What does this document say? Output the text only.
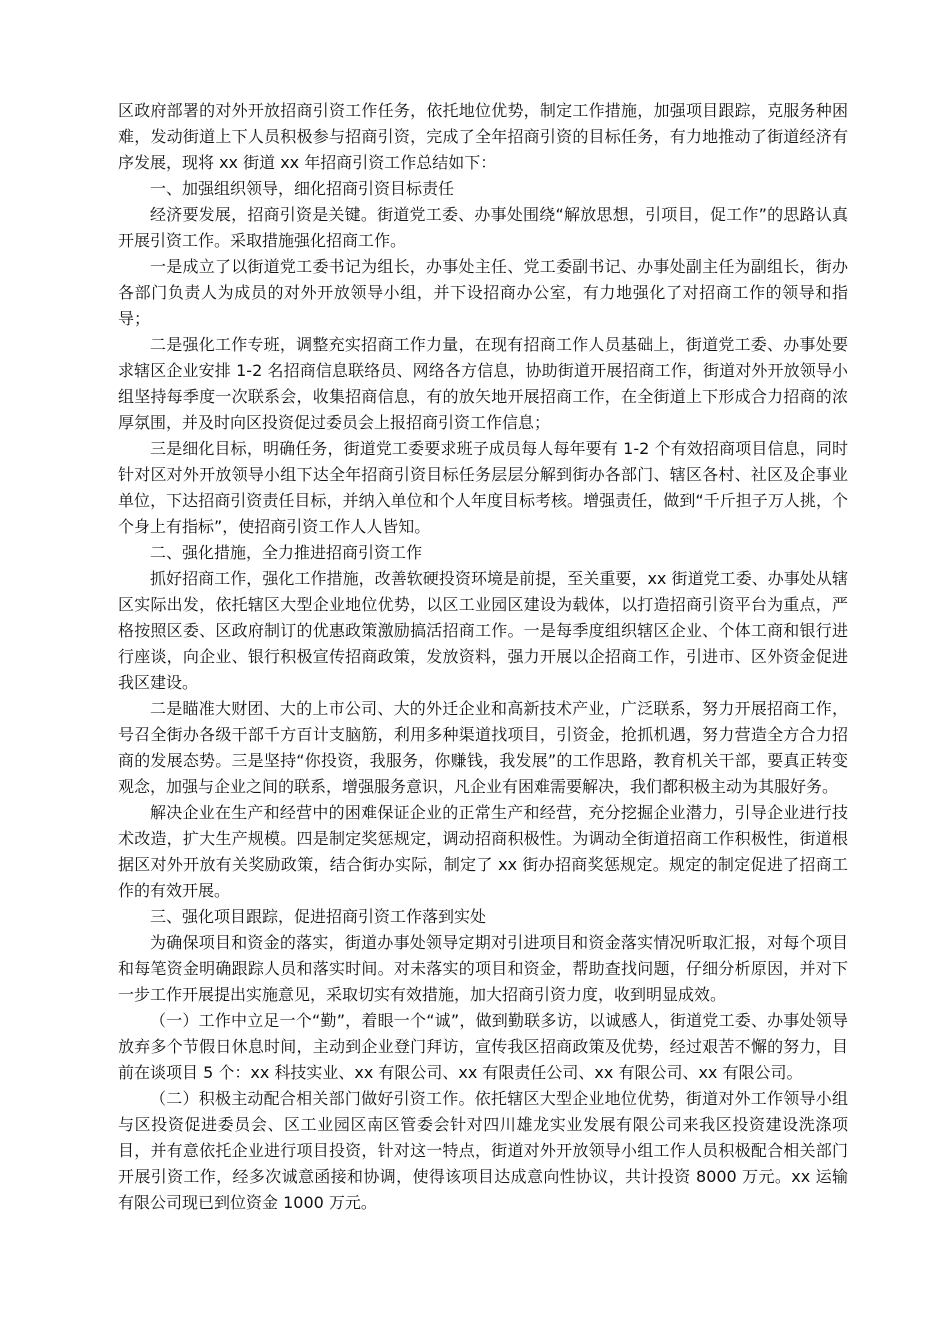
区政府部署的对外开放招商引资工作任务，依托地位优势，制定工作措施，加强项目跟踪，克服务种困难，发动街道上下人员积极参与招商引资，完成了全年招商引资的目标任务，有力地推动了街道经济有序发展，现将 xx 街道 xx 年招商引资工作总结如下：

一、加强组织领导，细化招商引资目标责任

经济要发展，招商引资是关键。街道党工委、办事处围绕“解放思想，引项目，促工作”的思路认真开展引资工作。采取措施强化招商工作。

一是成立了以街道党工委书记为组长，办事处主任、党工委副书记、办事处副主任为副组长，街办各部门负责人为成员的对外开放领导小组，并下设招商办公室，有力地强化了对招商工作的领导和指导；

二是强化工作专班，调整充实招商工作力量，在现有招商工作人员基础上，街道党工委、办事处要求辖区企业安排 1-2 名招商信息联络员、网络各方信息，协助街道开展招商工作，街道对外开放领导小组坚持每季度一次联系会，收集招商信息，有的放矢地开展招商工作，在全街道上下形成合力招商的浓厚氛围，并及时向区投资促过委员会上报招商引资工作信息；

三是细化目标，明确任务，街道党工委要求班子成员每人每年要有 1-2 个有效招商项目信息，同时针对区对外开放领导小组下达全年招商引资目标任务层层分解到街办各部门、辖区各村、社区及企事业单位，下达招商引资责任目标，并纳入单位和个人年度目标考核。增强责任，做到“千斤担子万人挑，个个身上有指标”，使招商引资工作人人皆知。

二、强化措施，全力推进招商引资工作

抓好招商工作，强化工作措施，改善软硬投资环境是前提，至关重要，xx 街道党工委、办事处从辖区实际出发，依托辖区大型企业地位优势，以区工业园区建设为载体，以打造招商引资平台为重点，严格按照区委、区政府制订的优惠政策激励搞活招商工作。一是每季度组织辖区企业、个体工商和银行进行座谈，向企业、银行积极宣传招商政策，发放资料，强力开展以企招商工作，引进市、区外资金促进我区建设。

二是瞄准大财团、大的上市公司、大的外迁企业和高新技术产业，广泛联系，努力开展招商工作，号召全街办各级干部千方百计支脑筋，利用多种渠道找项目，引资金，抢抓机遇，努力营造全方合力招商的发展态势。三是坚持“你投资，我服务，你赚钱，我发展”的工作思路，教育机关干部，要真正转变观念，加强与企业之间的联系，增强服务意识，凡企业有困难需要解决，我们都积极主动为其服好务。

解决企业在生产和经营中的困难保证企业的正常生产和经营，充分挖掘企业潜力，引导企业进行技术改造，扩大生产规模。四是制定奖惩规定，调动招商积极性。为调动全街道招商工作积极性，街道根据区对外开放有关奖励政策，结合街办实际，制定了 xx 街办招商奖惩规定。规定的制定促进了招商工作的有效开展。

三、强化项目跟踪，促进招商引资工作落到实处

为确保项目和资金的落实，街道办事处领导定期对引进项目和资金落实情况听取汇报，对每个项目和每笔资金明确跟踪人员和落实时间。对未落实的项目和资金，帮助查找问题，仔细分析原因，并对下一步工作开展提出实施意见，采取切实有效措施，加大招商引资力度，收到明显成效。

（一）工作中立足一个“勤”，着眼一个“诚”，做到勤联多访，以诚感人，街道党工委、办事处领导放弃多个节假日休息时间，主动到企业登门拜访，宣传我区招商政策及优势，经过艰苦不懈的努力，目前在谈项目 5 个：xx 科技实业、xx 有限公司、xx 有限责任公司、xx 有限公司、xx 有限公司。

（二）积极主动配合相关部门做好引资工作。依托辖区大型企业地位优势，街道对外工作领导小组与区投资促进委员会、区工业园区南区管委会针对四川雄龙实业发展有限公司来我区投资建设洗涤项目，并有意依托企业进行项目投资，针对这一特点，街道对外开放领导小组工作人员积极配合相关部门开展引资工作，经多次诚意函接和协调，使得该项目达成意向性协议，共计投资 8000 万元。xx 运输有限公司现已到位资金 1000 万元。
